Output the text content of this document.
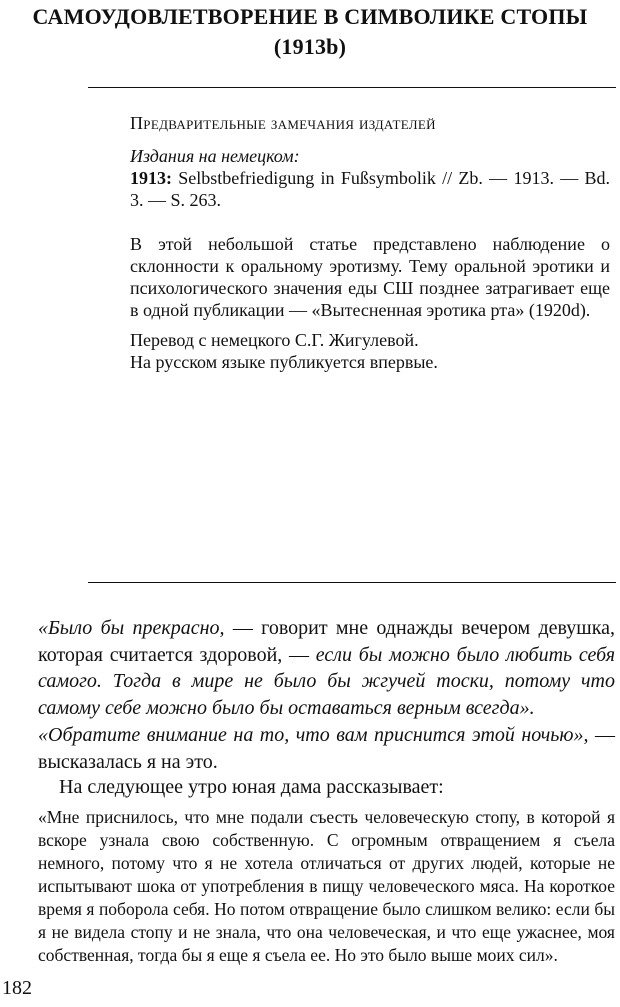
САМОУДОВЛЕТВОРЕНИЕ В СИМВОЛИКЕ СТОПЫ
(1913b)
Предварительные замечания издателей
Издания на немецком:
1913: Selbstbefriedigung in Fußsymbolik // Zb. — 1913. — Bd. 3. — S. 263.
В этой небольшой статье представлено наблюдение о склонности к оральному эротизму. Тему оральной эротики и психологического значения еды СШ позднее затрагивает еще в одной публикации — «Вытесненная эротика рта» (1920d).
Перевод с немецкого С.Г. Жигулевой.
На русском языке публикуется впервые.

«Было бы прекрасно, — говорит мне однажды вечером девушка, которая считается здоровой, — если бы можно было любить себя самого. Тогда в мире не было бы жгучей тоски, потому что самому себе можно было бы оставаться верным всегда».

«Обратите внимание на то, что вам приснится этой ночью», — высказалась я на это.

На следующее утро юная дама рассказывает:

«Мне приснилось, что мне подали съесть человеческую стопу, в которой я вскоре узнала свою собственную. С огромным отвращением я съела немного, потому что я не хотела отличаться от других людей, которые не испытывают шока от употребления в пищу человеческого мяса. На короткое время я поборола себя. Но потом отвращение было слишком велико: если бы я не видела стопу и не знала, что она человеческая, и что еще ужаснее, моя собственная, тогда бы я еще я съела ее. Но это было выше моих сил».

182
